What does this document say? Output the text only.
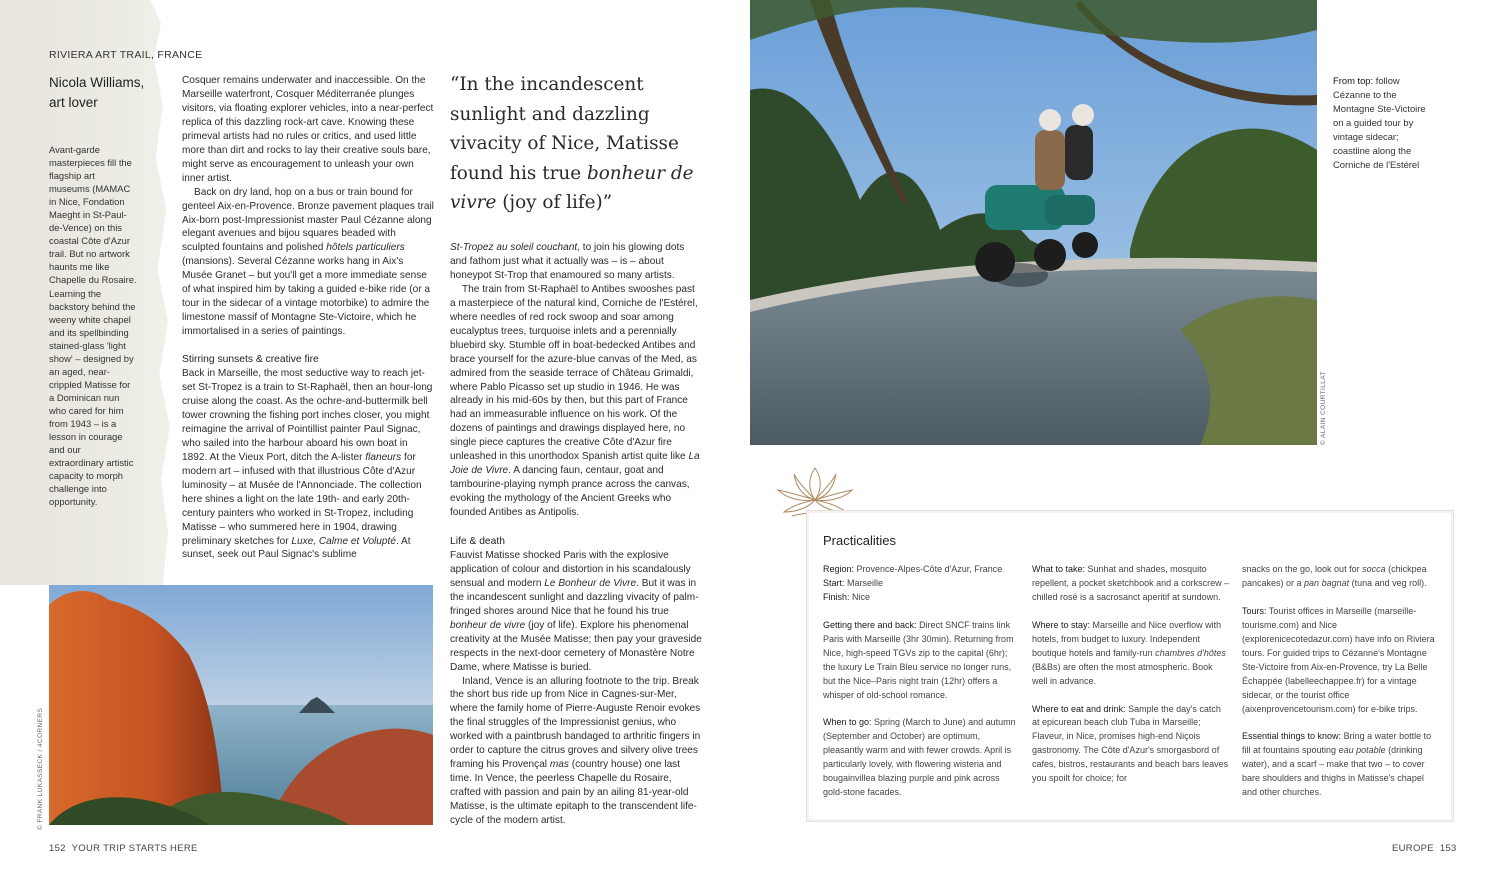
RIVIERA ART TRAIL, FRANCE
Nicola Williams,
art lover
Avant-garde masterpieces fill the flagship art museums (MAMAC in Nice, Fondation Maeght in St-Paul-de-Vence) on this coastal Côte d'Azur trail. But no artwork haunts me like Chapelle du Rosaire. Learning the backstory behind the weeny white chapel and its spellbinding stained-glass 'light show' – designed by an aged, near-crippled Matisse for a Dominican nun who cared for him from 1943 – is a lesson in courage and our extraordinary artistic capacity to morph challenge into opportunity.

Cosquer remains underwater and inaccessible. On the Marseille waterfront, Cosquer Méditerranée plunges visitors, via floating explorer vehicles, into a near-perfect replica of this dazzling rock-art cave. Knowing these primeval artists had no rules or critics, and used little more than dirt and rocks to lay their creative souls bare, might serve as encouragement to unleash your own inner artist.

Back on dry land, hop on a bus or train bound for genteel Aix-en-Provence. Bronze pavement plaques trail Aix-born post-Impressionist master Paul Cézanne along elegant avenues and bijou squares beaded with sculpted fountains and polished hôtels particuliers (mansions). Several Cézanne works hang in Aix's Musée Granet – but you'll get a more immediate sense of what inspired him by taking a guided e-bike ride (or a tour in the sidecar of a vintage motorbike) to admire the limestone massif of Montagne Ste-Victoire, which he immortalised in a series of paintings.

Stirring sunsets & creative fire

Back in Marseille, the most seductive way to reach jet-set St-Tropez is a train to St-Raphaël, then an hour-long cruise along the coast. As the ochre-and-buttermilk bell tower crowning the fishing port inches closer, you might reimagine the arrival of Pointillist painter Paul Signac, who sailed into the harbour aboard his own boat in 1892. At the Vieux Port, ditch the A-lister flaneurs for modern art – infused with that illustrious Côte d'Azur luminosity – at Musée de l'Annonciade. The collection here shines a light on the late 19th- and early 20th-century painters who worked in St-Tropez, including Matisse – who summered here in 1904, drawing preliminary sketches for Luxe, Calme et Volupté. At sunset, seek out Paul Signac's sublime

“In the incandescent sunlight and dazzling vivacity of Nice, Matisse found his true bonheur de vivre (joy of life)”

St-Tropez au soleil couchant, to join his glowing dots and fathom just what it actually was – is – about honeypot St-Trop that enamoured so many artists.

The train from St-Raphaël to Antibes swooshes past a masterpiece of the natural kind, Corniche de l'Estérel, where needles of red rock swoop and soar among eucalyptus trees, turquoise inlets and a perennially bluebird sky. Stumble off in boat-bedecked Antibes and brace yourself for the azure-blue canvas of the Med, as admired from the seaside terrace of Château Grimaldi, where Pablo Picasso set up studio in 1946. He was already in his mid-60s by then, but this part of France had an immeasurable influence on his work. Of the dozens of paintings and drawings displayed here, no single piece captures the creative Côte d'Azur fire unleashed in this unorthodox Spanish artist quite like La Joie de Vivre. A dancing faun, centaur, goat and tambourine-playing nymph prance across the canvas, evoking the mythology of the Ancient Greeks who founded Antibes as Antipolis.

Life & death

Fauvist Matisse shocked Paris with the explosive application of colour and distortion in his scandalously sensual and modern Le Bonheur de Vivre. But it was in the incandescent sunlight and dazzling vivacity of palm-fringed shores around Nice that he found his true bonheur de vivre (joy of life). Explore his phenomenal creativity at the Musée Matisse; then pay your graveside respects in the next-door cemetery of Monastère Notre Dame, where Matisse is buried.

Inland, Vence is an alluring footnote to the trip. Break the short bus ride up from Nice in Cagnes-sur-Mer, where the family home of Pierre-Auguste Renoir evokes the final struggles of the Impressionist genius, who worked with a paintbrush bandaged to arthritic fingers in order to capture the citrus groves and silvery olive trees framing his Provençal mas (country house) one last time. In Vence, the peerless Chapelle du Rosaire, crafted with passion and pain by an ailing 81-year-old Matisse, is the ultimate epitaph to the transcendent life-cycle of the modern artist.

© FRANK LUKASSECK / 4CORNERS
© ALAIN COURTILLAT
From top: follow Cézanne to the Montagne Ste-Victoire on a guided tour by vintage sidecar; coastline along the Corniche de l'Estérel
Practicalities

Region: Provence-Alpes-Côte d'Azur, France
Start: Marseille
Finish: Nice

Getting there and back: Direct SNCF trains link Paris with Marseille (3hr 30min). Returning from Nice, high-speed TGVs zip to the capital (6hr); the luxury Le Train Bleu service no longer runs, but the Nice–Paris night train (12hr) offers a whisper of old-school romance.

When to go: Spring (March to June) and autumn (September and October) are optimum, pleasantly warm and with fewer crowds. April is particularly lovely, with flowering wisteria and bougainvillea blazing purple and pink across gold-stone facades.

What to take: Sunhat and shades, mosquito repellent, a pocket sketchbook and a corkscrew – chilled rosé is a sacrosanct aperitif at sundown.

Where to stay: Marseille and Nice overflow with hotels, from budget to luxury. Independent boutique hotels and family-run chambres d'hôtes (B&Bs) are often the most atmospheric. Book well in advance.

Where to eat and drink: Sample the day's catch at epicurean beach club Tuba in Marseille; Flaveur, in Nice, promises high-end Niçois gastronomy. The Côte d'Azur's smorgasbord of cafes, bistros, restaurants and beach bars leaves you spoilt for choice; for

snacks on the go, look out for socca (chickpea pancakes) or a pan bagnat (tuna and veg roll).

Tours: Tourist offices in Marseille (marseille-tourisme.com) and Nice (explorenicecotedazur.com) have info on Riviera tours. For guided trips to Cézanne's Montagne Ste-Victoire from Aix-en-Provence, try La Belle Échappée (labelleechappee.fr) for a vintage sidecar, or the tourist office (aixenprovencetourism.com) for e-bike trips.

Essential things to know: Bring a water bottle to fill at fountains spouting eau potable (drinking water), and a scarf – make that two – to cover bare shoulders and thighs in Matisse's chapel and other churches.

152 YOUR TRIP STARTS HERE	EUROPE 153
